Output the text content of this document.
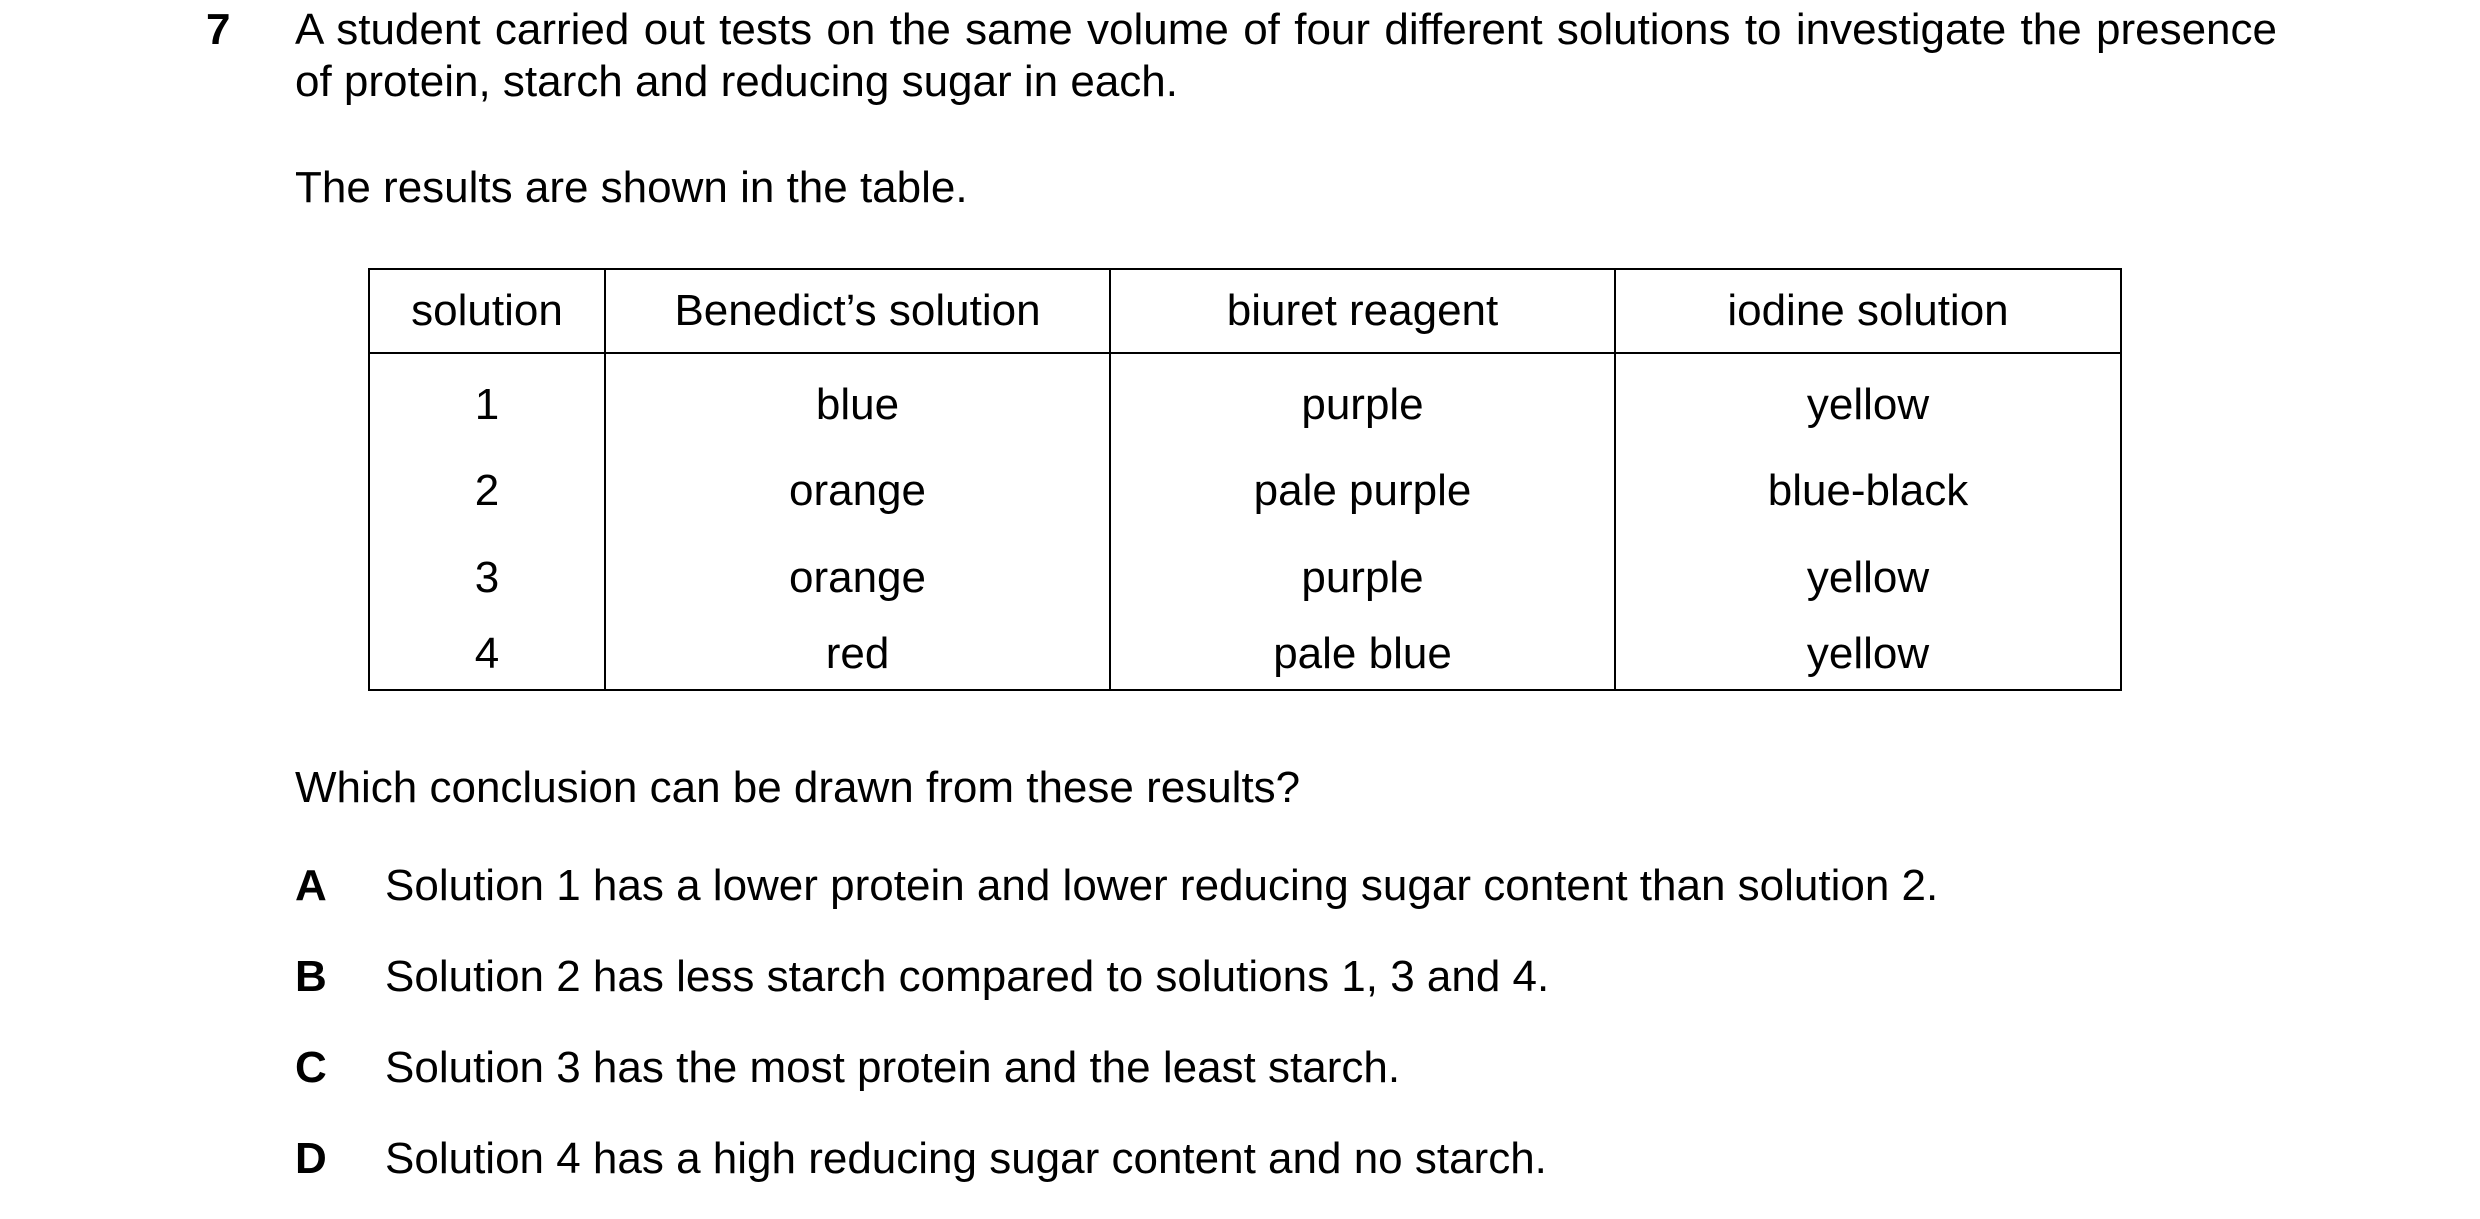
7 A student carried out tests on the same volume of four different solutions to investigate the presence of protein, starch and reducing sugar in each.
The results are shown in the table.
solution	Benedict’s solution	biuret reagent	iodine solution
1	blue	purple	yellow
2	orange	pale purple	blue-black
3	orange	purple	yellow
4	red	pale blue	yellow
Which conclusion can be drawn from these results?
A Solution 1 has a lower protein and lower reducing sugar content than solution 2.
B Solution 2 has less starch compared to solutions 1, 3 and 4.
C Solution 3 has the most protein and the least starch.
D Solution 4 has a high reducing sugar content and no starch.
